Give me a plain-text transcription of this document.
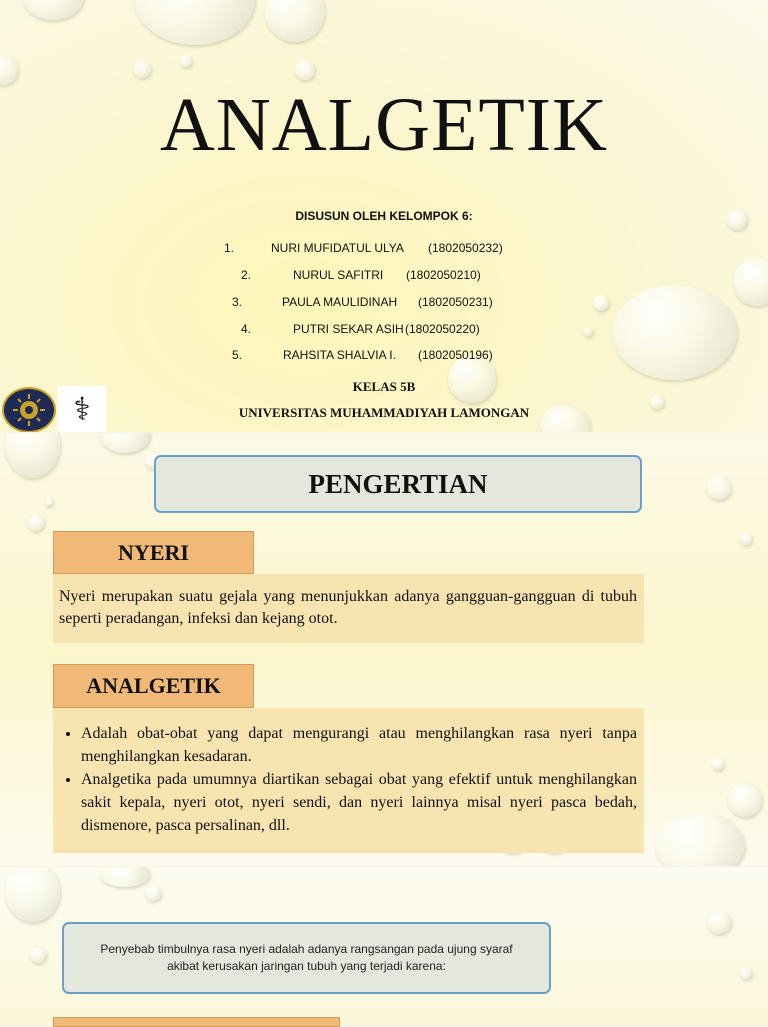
ANALGETIK
DISUSUN OLEH KELOMPOK 6:
1.	NURI MUFIDATUL ULYA (1802050232)
2.	NURUL SAFITRI (1802050210)
3.	PAULA MAULIDINAH (1802050231)
4.	PUTRI SEKAR ASIH (1802050220)
5.	RAHSITA SHALVIA I. (1802050196)
KELAS 5B
UNIVERSITAS MUHAMMADIYAH LAMONGAN
⚕
PENGERTIAN
NYERI
Nyeri merupakan suatu gejala yang menunjukkan adanya gangguan-gangguan di tubuh seperti peradangan, infeksi dan kejang otot.
ANALGETIK
• Adalah obat-obat yang dapat mengurangi atau menghilangkan rasa nyeri tanpa menghilangkan kesadaran.
• Analgetika pada umumnya diartikan sebagai obat yang efektif untuk menghilangkan sakit kepala, nyeri otot, nyeri sendi, dan nyeri lainnya misal nyeri pasca bedah, dismenore, pasca persalinan, dll.
Penyebab timbulnya rasa nyeri adalah adanya rangsangan pada ujung syaraf akibat kerusakan jaringan tubuh yang terjadi karena:
